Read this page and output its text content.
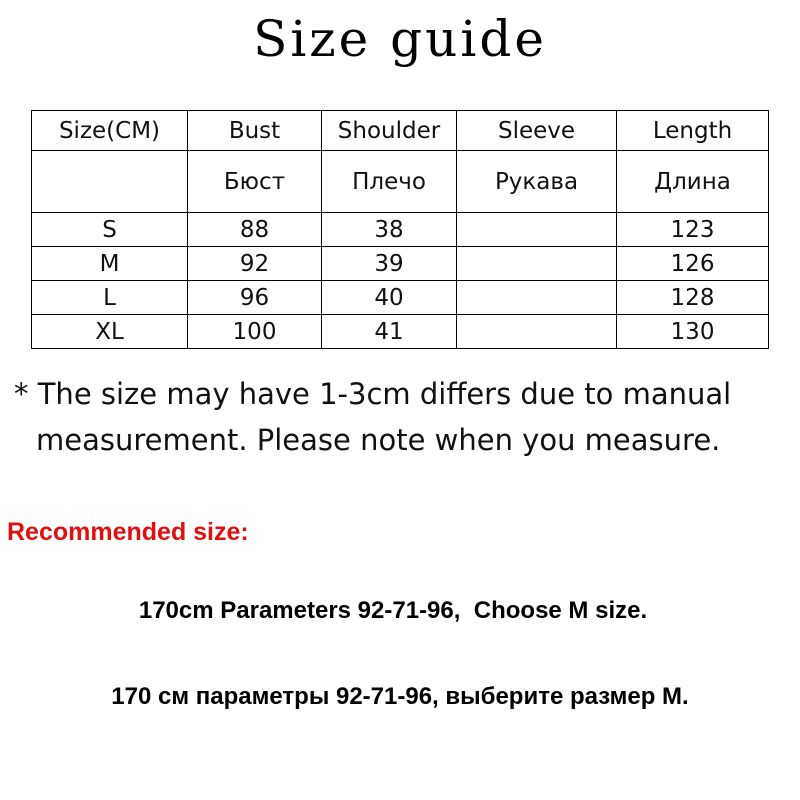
Size guide
Size(CM)	Bust	Shoulder	Sleeve	Length
	Бюст	Плечо	Рукава	Длина
S	88	38		123
M	92	39		126
L	96	40		128
XL	100	41		130
* The size may have 1-3cm differs due to manual
measurement. Please note when you measure.
Recommended size:
170cm Parameters 92-71-96,  Choose M size.
170 см параметры 92-71-96, выберите размер M.
